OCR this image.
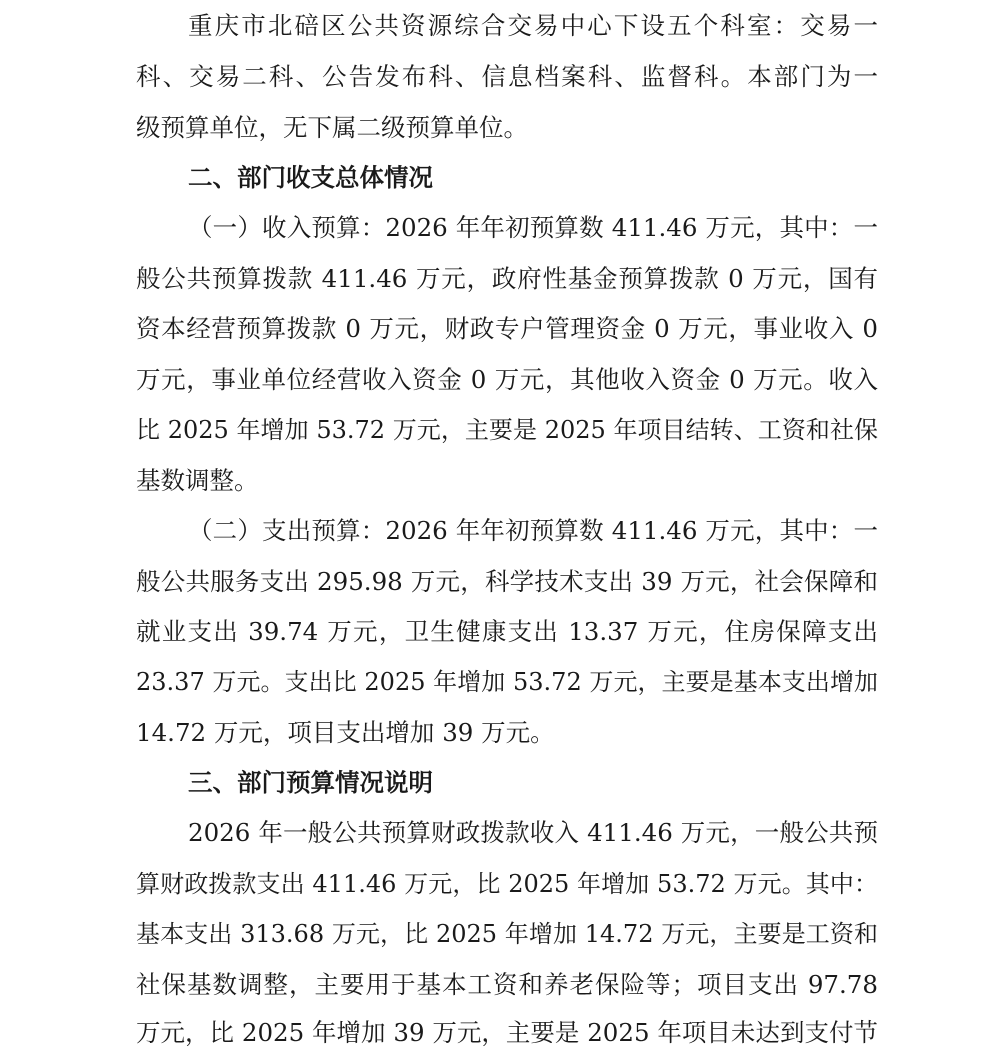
重庆市北碚区公共资源综合交易中心下设五个科室：交易一
科、交易二科、公告发布科、信息档案科、监督科。本部门为一
级预算单位，无下属二级预算单位。
二、部门收支总体情况
（一）收入预算：2026 年年初预算数 411.46 万元，其中：一
般公共预算拨款 411.46 万元，政府性基金预算拨款 0 万元，国有
资本经营预算拨款 0 万元，财政专户管理资金 0 万元，事业收入 0
万元，事业单位经营收入资金 0 万元，其他收入资金 0 万元。收入
比 2025 年增加 53.72 万元，主要是 2025 年项目结转、工资和社保
基数调整。
（二）支出预算：2026 年年初预算数 411.46 万元，其中：一
般公共服务支出 295.98 万元，科学技术支出 39 万元，社会保障和
就业支出 39.74 万元，卫生健康支出 13.37 万元，住房保障支出
23.37 万元。支出比 2025 年增加 53.72 万元，主要是基本支出增加
14.72 万元，项目支出增加 39 万元。
三、部门预算情况说明
2026 年一般公共预算财政拨款收入 411.46 万元，一般公共预
算财政拨款支出 411.46 万元，比 2025 年增加 53.72 万元。其中：
基本支出 313.68 万元，比 2025 年增加 14.72 万元，主要是工资和
社保基数调整，主要用于基本工资和养老保险等；项目支出 97.78
万元，比 2025 年增加 39 万元，主要是 2025 年项目未达到支付节
